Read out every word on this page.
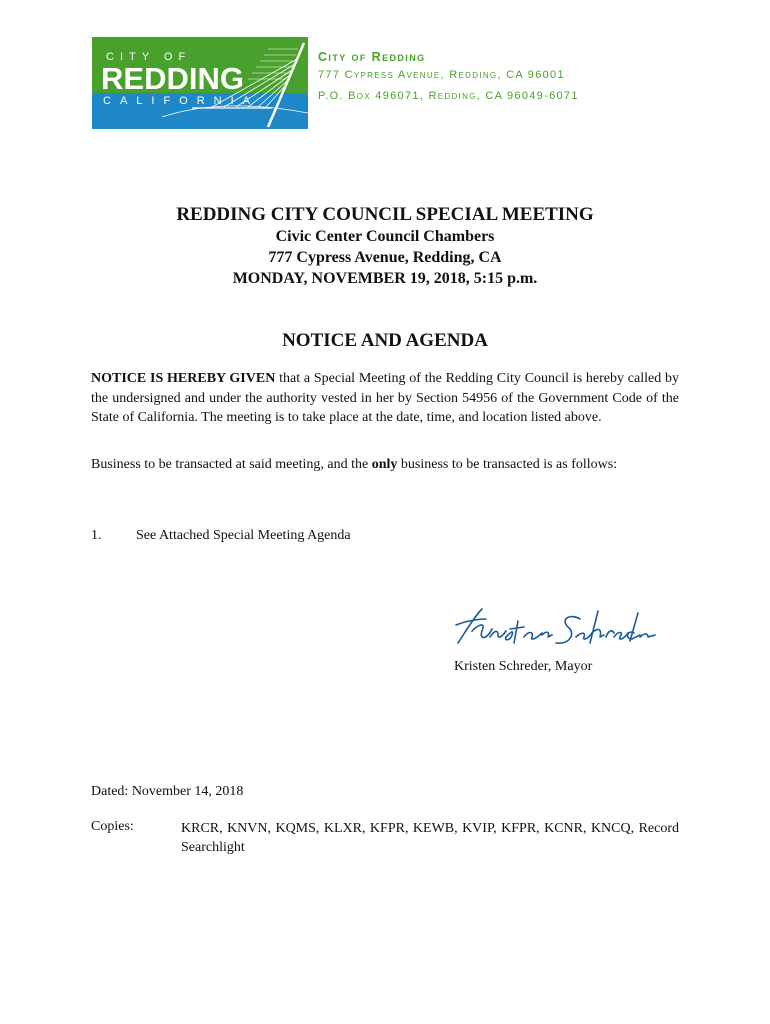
CITY OF
REDDING
CALIFORNIA
City of Redding
777 Cypress Avenue, Redding, CA 96001
P.O. Box 496071, Redding, CA 96049-6071
REDDING CITY COUNCIL SPECIAL MEETING
Civic Center Council Chambers
777 Cypress Avenue, Redding, CA
MONDAY, NOVEMBER 19, 2018, 5:15 p.m.
NOTICE AND AGENDA
NOTICE IS HEREBY GIVEN that a Special Meeting of the Redding City Council is hereby called by the undersigned and under the authority vested in her by Section 54956 of the Government Code of the State of California. The meeting is to take place at the date, time, and location listed above.
Business to be transacted at said meeting, and the only business to be transacted is as follows:
1. See Attached Special Meeting Agenda
Kristen Schreder, Mayor
Dated: November 14, 2018
Copies:	KRCR, KNVN, KQMS, KLXR, KFPR, KEWB, KVIP, KFPR, KCNR, KNCQ, Record Searchlight
